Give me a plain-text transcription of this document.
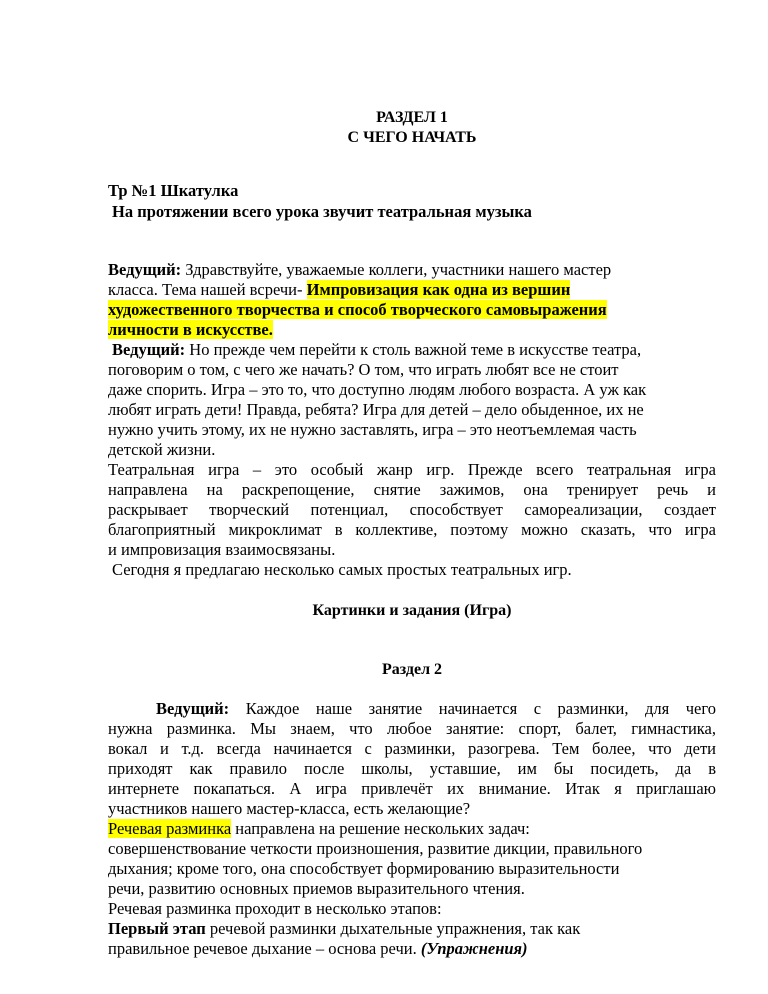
РАЗДЕЛ 1
С ЧЕГО НАЧАТЬ
Тр №1 Шкатулка
На протяжении всего урока звучит театральная музыка
Ведущий: Здравствуйте, уважаемые коллеги, участники нашего мастер
класса. Тема нашей всречи- Импровизация как одна из вершин
художественного творчества и способ творческого самовыражения
личности в искусстве.
Ведущий: Но прежде чем перейти к столь важной теме в искусстве театра,
поговорим о том, с чего же начать? О том, что играть любят все не стоит
даже спорить. Игра – это то, что доступно людям любого возраста. А уж как
любят играть дети! Правда, ребята? Игра для детей – дело обыденное, их не
нужно учить этому, их не нужно заставлять, игра – это неотъемлемая часть
детской жизни.
Театральная игра – это особый жанр игр. Прежде всего театральная игра
направлена на раскрепощение, снятие зажимов, она тренирует речь и
раскрывает творческий потенциал, способствует самореализации, создает
благоприятный микроклимат в коллективе, поэтому можно сказать, что игра
и импровизация взаимосвязаны.
Сегодня я предлагаю несколько самых простых театральных игр.
Картинки и задания (Игра)
Раздел 2
Ведущий: Каждое наше занятие начинается с разминки, для чего
нужна разминка. Мы знаем, что любое занятие: спорт, балет, гимнастика,
вокал и т.д. всегда начинается с разминки, разогрева. Тем более, что дети
приходят как правило после школы, уставшие, им бы посидеть, да в
интернете покапаться. А игра привлечёт их внимание. Итак я приглашаю
участников нашего мастер-класса, есть желающие?
Речевая разминка направлена на решение нескольких задач:
совершенствование четкости произношения, развитие дикции, правильного
дыхания; кроме того, она способствует формированию выразительности
речи, развитию основных приемов выразительного чтения.
Речевая разминка проходит в несколько этапов:
Первый этап речевой разминки дыхательные упражнения, так как
правильное речевое дыхание – основа речи. (Упражнения)
